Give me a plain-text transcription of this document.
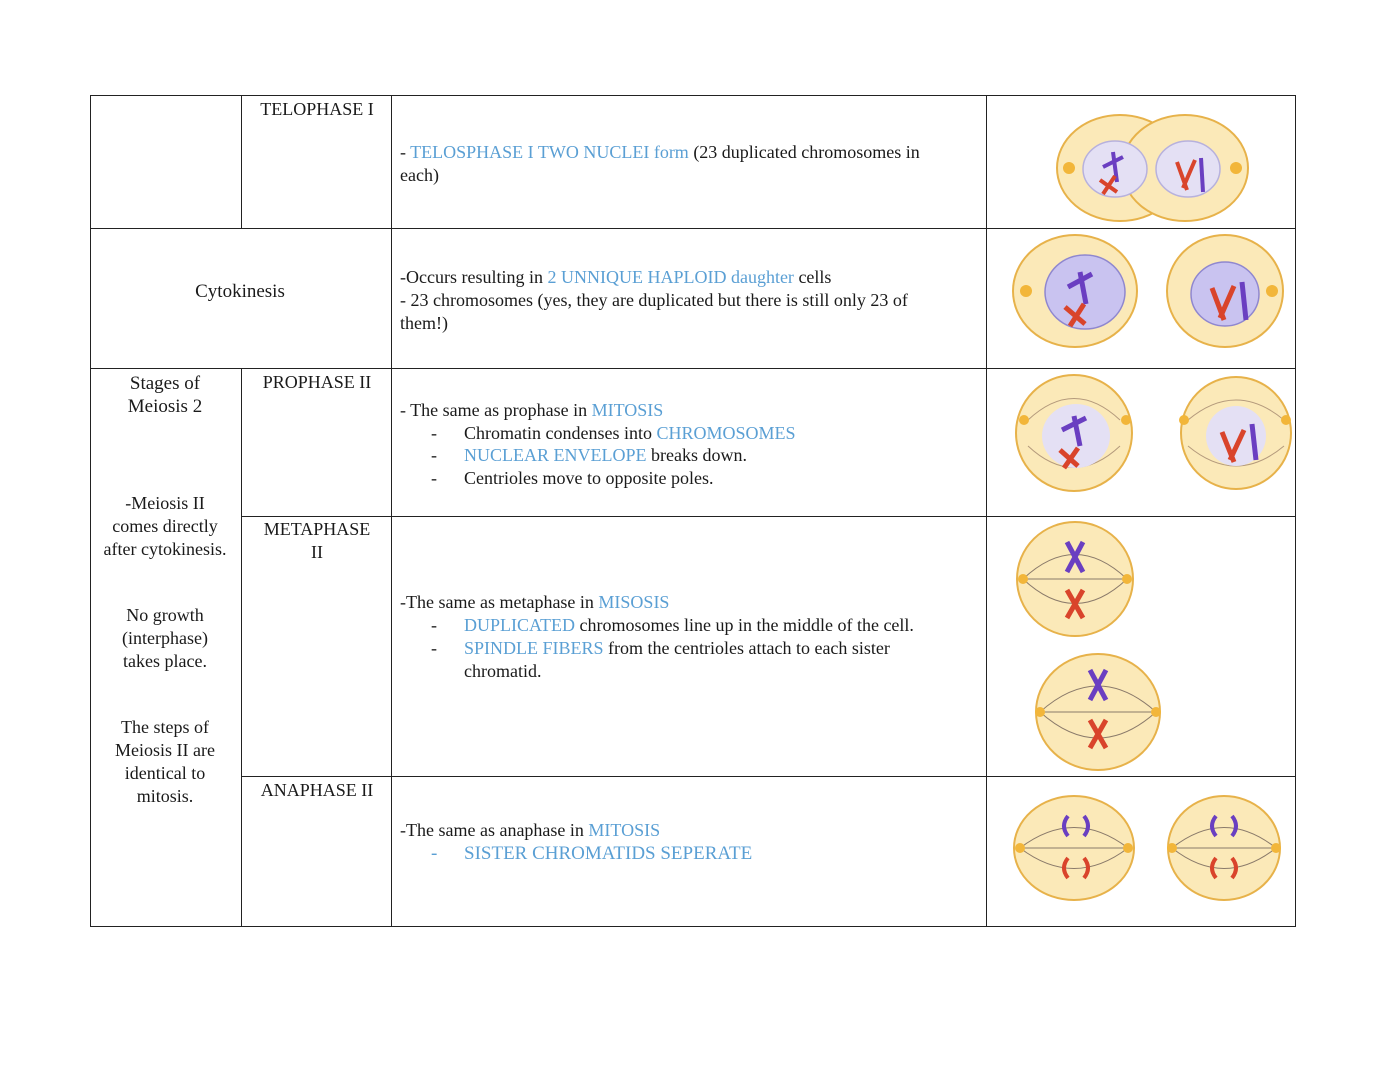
TELOPHASE I
- TELOSPHASE I TWO NUCLEI form (23 duplicated chromosomes in
each)
Cytokinesis
-Occurs resulting in 2 UNNIQUE HAPLOID daughter cells
- 23 chromosomes (yes, they are duplicated but there is still only 23 of
them!)
Stages of
Meiosis 2
-Meiosis II
comes directly
after cytokinesis.
No growth
(interphase)
takes place.
The steps of
Meiosis II are
identical to
mitosis.
PROPHASE II
- The same as prophase in MITOSIS
- Chromatin condenses into CHROMOSOMES
- NUCLEAR ENVELOPE breaks down.
- Centrioles move to opposite poles.
METAPHASE
II
-The same as metaphase in MISOSIS
- DUPLICATED chromosomes line up in the middle of the cell.
- SPINDLE FIBERS from the centrioles attach to each sister
chromatid.
ANAPHASE II
-The same as anaphase in MITOSIS
- SISTER CHROMATIDS SEPERATE
